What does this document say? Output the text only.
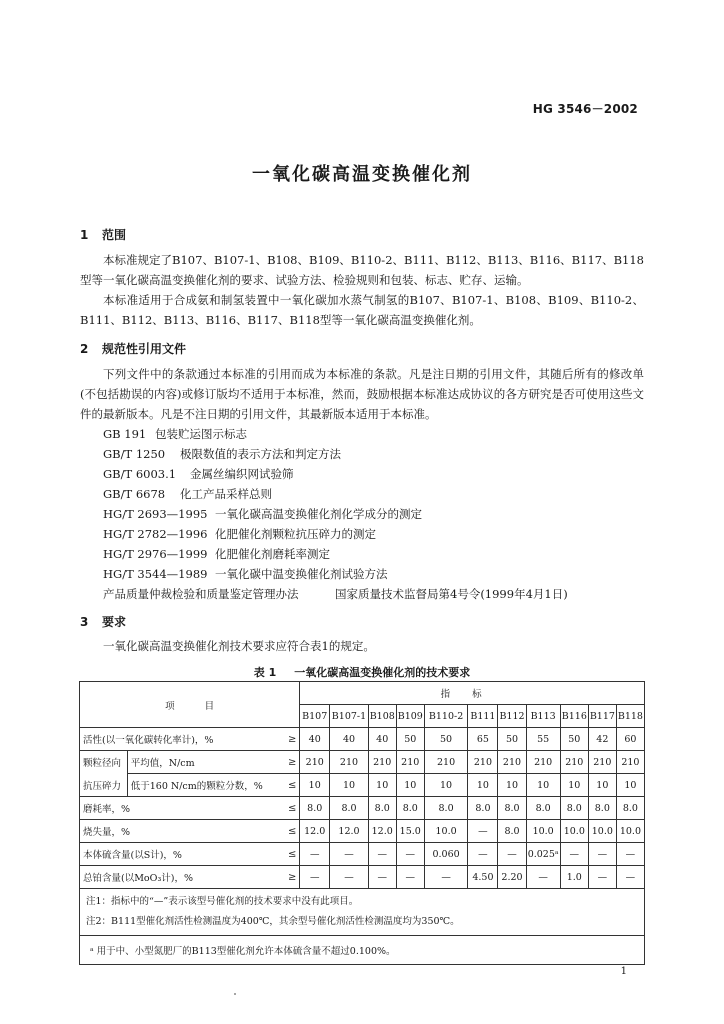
HG 3546－2002
一氧化碳高温变换催化剂
1 范围
本标准规定了B107、B107-1、B108、B109、B110-2、B111、B112、B113、B116、B117、B118型等一氧化碳高温变换催化剂的要求、试验方法、检验规则和包装、标志、贮存、运输。
本标准适用于合成氨和制氢装置中一氧化碳加水蒸气制氢的B107、B107-1、B108、B109、B110-2、B111、B112、B113、B116、B117、B118型等一氧化碳高温变换催化剂。
2 规范性引用文件
下列文件中的条款通过本标准的引用而成为本标准的条款。凡是注日期的引用文件，其随后所有的修改单(不包括勘误的内容)或修订版均不适用于本标准，然而，鼓励根据本标准达成协议的各方研究是否可使用这些文件的最新版本。凡是不注日期的引用文件，其最新版本适用于本标准。
GB 191 包装贮运图示标志
GB/T 1250 极限数值的表示方法和判定方法
GB/T 6003.1 金属丝编织网试验筛
GB/T 6678 化工产品采样总则
HG/T 2693—1995 一氧化碳高温变换催化剂化学成分的测定
HG/T 2782—1996 化肥催化剂颗粒抗压碎力的测定
HG/T 2976—1999 化肥催化剂磨耗率测定
HG/T 3544—1989 一氧化碳中温变换催化剂试验方法
产品质量仲裁检验和质量鉴定管理办法	国家质量技术监督局第4号令(1999年4月1日)
3 要求
一氧化碳高温变换催化剂技术要求应符合表1的规定。
表 1 一氧化碳高温变换催化剂的技术要求
项目			指标										
			B107	B107-1	B108	B109	B110-2	B111	B112	B113	B116	B117	B118
活性(以一氧化碳转化率计)，%		≥	40	40	40	50	50	65	50	55	50	42	60
颗粒径向	平均值，N/cm	≥	210	210	210	210	210	210	210	210	210	210	210
抗压碎力	低于160 N/cm的颗粒分数，%	≤	10	10	10	10	10	10	10	10	10	10	10
磨耗率，%		≤	8.0	8.0	8.0	8.0	8.0	8.0	8.0	8.0	8.0	8.0	8.0
烧失量，%		≤	12.0	12.0	12.0	15.0	10.0	—	8.0	10.0	10.0	10.0	10.0
本体硫含量(以S计)，%		≤	—	—	—	—	0.060	—	—	0.025ᵃ	—	—	—
总铂含量(以MoO₃计)，%		≥	—	—	—	—	—	4.50	2.20	—	1.0	—	—

注1：指标中的“—”表示该型号催化剂的技术要求中没有此项目。
注2：B111型催化剂活性检测温度为400℃，其余型号催化剂活性检测温度均为350℃。													

ᵃ 用于中、小型氮肥厂的B113型催化剂允许本体硫含量不超过0.100%。													
1
